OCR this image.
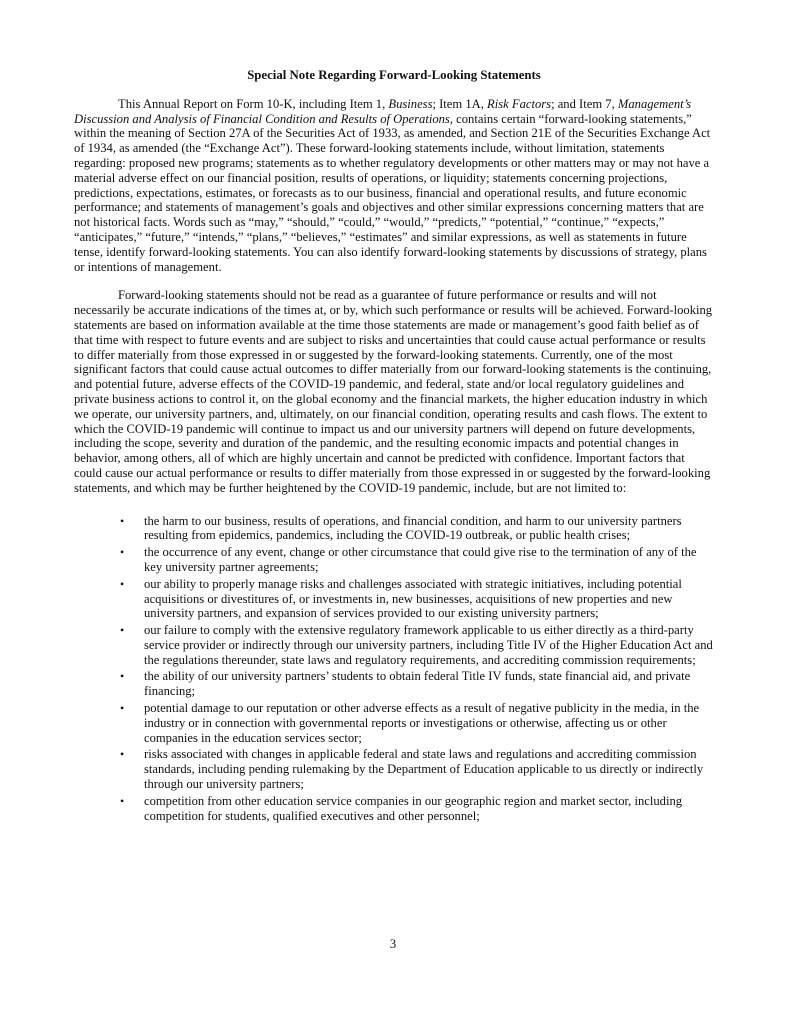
Special Note Regarding Forward-Looking Statements

This Annual Report on Form 10-K, including Item 1, Business; Item 1A, Risk Factors; and Item 7, Management’s Discussion and Analysis of Financial Condition and Results of Operations, contains certain “forward-looking statements,” within the meaning of Section 27A of the Securities Act of 1933, as amended, and Section 21E of the Securities Exchange Act of 1934, as amended (the “Exchange Act”). These forward-looking statements include, without limitation, statements regarding: proposed new programs; statements as to whether regulatory developments or other matters may or may not have a material adverse effect on our financial position, results of operations, or liquidity; statements concerning projections, predictions, expectations, estimates, or forecasts as to our business, financial and operational results, and future economic performance; and statements of management’s goals and objectives and other similar expressions concerning matters that are not historical facts. Words such as “may,” “should,” “could,” “would,” “predicts,” “potential,” “continue,” “expects,” “anticipates,” “future,” “intends,” “plans,” “believes,” “estimates” and similar expressions, as well as statements in future tense, identify forward-looking statements. You can also identify forward-looking statements by discussions of strategy, plans or intentions of management.

Forward-looking statements should not be read as a guarantee of future performance or results and will not necessarily be accurate indications of the times at, or by, which such performance or results will be achieved. Forward-looking statements are based on information available at the time those statements are made or management’s good faith belief as of that time with respect to future events and are subject to risks and uncertainties that could cause actual performance or results to differ materially from those expressed in or suggested by the forward-looking statements. Currently, one of the most significant factors that could cause actual outcomes to differ materially from our forward-looking statements is the continuing, and potential future, adverse effects of the COVID-19 pandemic, and federal, state and/or local regulatory guidelines and private business actions to control it, on the global economy and the financial markets, the higher education industry in which we operate, our university partners, and, ultimately, on our financial condition, operating results and cash flows. The extent to which the COVID-19 pandemic will continue to impact us and our university partners will depend on future developments, including the scope, severity and duration of the pandemic, and the resulting economic impacts and potential changes in behavior, among others, all of which are highly uncertain and cannot be predicted with confidence. Important factors that could cause our actual performance or results to differ materially from those expressed in or suggested by the forward-looking statements, and which may be further heightened by the COVID-19 pandemic, include, but are not limited to:

• the harm to our business, results of operations, and financial condition, and harm to our university partners resulting from epidemics, pandemics, including the COVID-19 outbreak, or public health crises;
• the occurrence of any event, change or other circumstance that could give rise to the termination of any of the key university partner agreements;
• our ability to properly manage risks and challenges associated with strategic initiatives, including potential acquisitions or divestitures of, or investments in, new businesses, acquisitions of new properties and new university partners, and expansion of services provided to our existing university partners;
• our failure to comply with the extensive regulatory framework applicable to us either directly as a third-party service provider or indirectly through our university partners, including Title IV of the Higher Education Act and the regulations thereunder, state laws and regulatory requirements, and accrediting commission requirements;
• the ability of our university partners’ students to obtain federal Title IV funds, state financial aid, and private financing;
• potential damage to our reputation or other adverse effects as a result of negative publicity in the media, in the industry or in connection with governmental reports or investigations or otherwise, affecting us or other companies in the education services sector;
• risks associated with changes in applicable federal and state laws and regulations and accrediting commission standards, including pending rulemaking by the Department of Education applicable to us directly or indirectly through our university partners;
• competition from other education service companies in our geographic region and market sector, including competition for students, qualified executives and other personnel;
3
